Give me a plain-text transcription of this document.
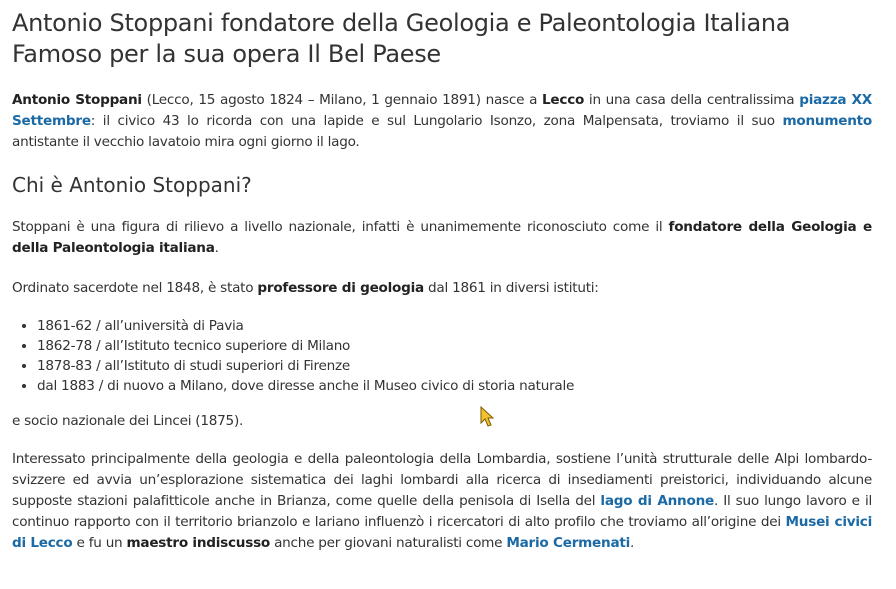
Antonio Stoppani fondatore della Geologia e Paleontologia Italiana
Famoso per la sua opera Il Bel Paese

Antonio Stoppani (Lecco, 15 agosto 1824 – Milano, 1 gennaio 1891) nasce a Lecco in una casa della centralissima piazza XX Settembre: il civico 43 lo ricorda con una lapide e sul Lungolario Isonzo, zona Malpensata, troviamo il suo monumento antistante il vecchio lavatoio mira ogni giorno il lago.

Chi è Antonio Stoppani?

Stoppani è una figura di rilievo a livello nazionale, infatti è unanimemente riconosciuto come il fondatore della Geologia e della Paleontologia italiana.

Ordinato sacerdote nel 1848, è stato professore di geologia dal 1861 in diversi istituti:

• 1861-62 / all’università di Pavia
• 1862-78 / all’Istituto tecnico superiore di Milano
• 1878-83 / all’Istituto di studi superiori di Firenze
• dal 1883 / di nuovo a Milano, dove diresse anche il Museo civico di storia naturale

e socio nazionale dei Lincei (1875).

Interessato principalmente della geologia e della paleontologia della Lombardia, sostiene l’unità strutturale delle Alpi lombardo-svizzere ed avvia un’esplorazione sistematica dei laghi lombardi alla ricerca di insediamenti preistorici, individuando alcune supposte stazioni palafitticole anche in Brianza, come quelle della penisola di Isella del lago di Annone. Il suo lungo lavoro e il continuo rapporto con il territorio brianzolo e lariano influenzò i ricercatori di alto profilo che troviamo all’origine dei Musei civici di Lecco e fu un maestro indiscusso anche per giovani naturalisti come Mario Cermenati.
